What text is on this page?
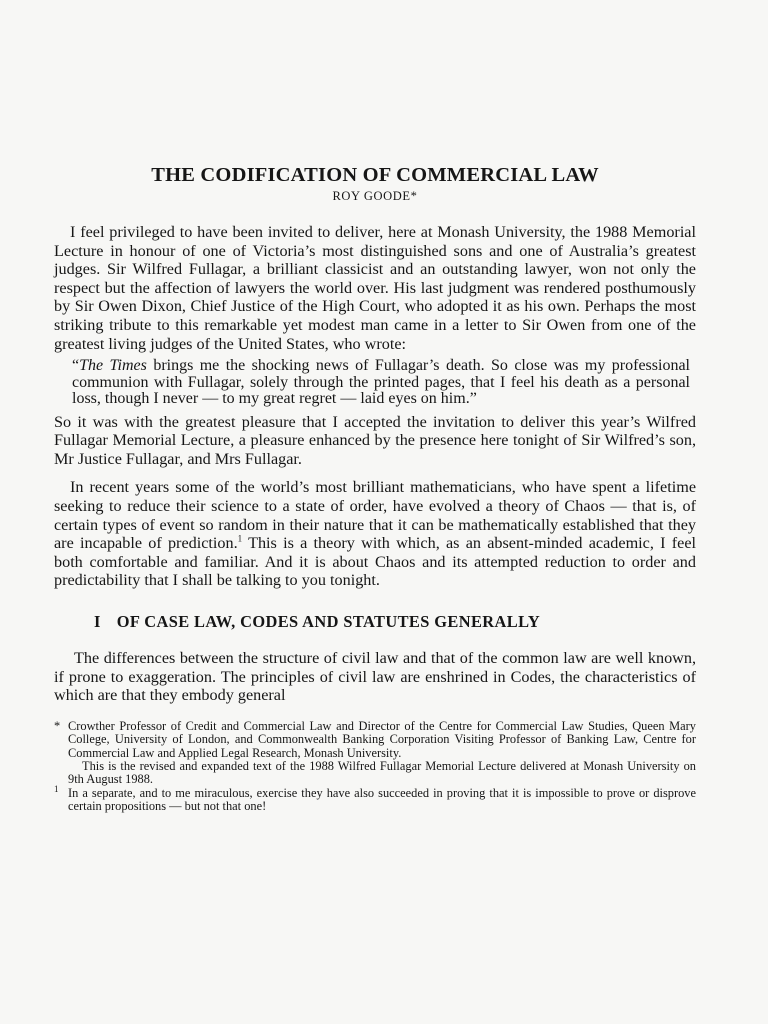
THE CODIFICATION OF COMMERCIAL LAW

ROY GOODE*

I feel privileged to have been invited to deliver, here at Monash University, the 1988 Memorial Lecture in honour of one of Victoria’s most distinguished sons and one of Australia’s greatest judges. Sir Wilfred Fullagar, a brilliant classicist and an outstanding lawyer, won not only the respect but the affection of lawyers the world over. His last judgment was rendered posthumously by Sir Owen Dixon, Chief Justice of the High Court, who adopted it as his own. Perhaps the most striking tribute to this remarkable yet modest man came in a letter to Sir Owen from one of the greatest living judges of the United States, who wrote:

“The Times brings me the shocking news of Fullagar’s death. So close was my professional communion with Fullagar, solely through the printed pages, that I feel his death as a personal loss, though I never — to my great regret — laid eyes on him.”

So it was with the greatest pleasure that I accepted the invitation to deliver this year’s Wilfred Fullagar Memorial Lecture, a pleasure enhanced by the presence here tonight of Sir Wilfred’s son, Mr Justice Fullagar, and Mrs Fullagar.

In recent years some of the world’s most brilliant mathematicians, who have spent a lifetime seeking to reduce their science to a state of order, have evolved a theory of Chaos — that is, of certain types of event so random in their nature that it can be mathematically established that they are incapable of prediction.$^1$ This is a theory with which, as an absent-minded academic, I feel both comfortable and familiar. And it is about Chaos and its attempted reduction to order and predictability that I shall be talking to you tonight.

I OF CASE LAW, CODES AND STATUTES GENERALLY

The differences between the structure of civil law and that of the common law are well known, if prone to exaggeration. The principles of civil law are enshrined in Codes, the characteristics of which are that they embody general

* Crowther Professor of Credit and Commercial Law and Director of the Centre for Commercial Law Studies, Queen Mary College, University of London, and Commonwealth Banking Corporation Visiting Professor of Banking Law, Centre for Commercial Law and Applied Legal Research, Monash University.

This is the revised and expanded text of the 1988 Wilfred Fullagar Memorial Lecture delivered at Monash University on 9th August 1988.

$^1$ In a separate, and to me miraculous, exercise they have also succeeded in proving that it is impossible to prove or disprove certain propositions — but not that one!
